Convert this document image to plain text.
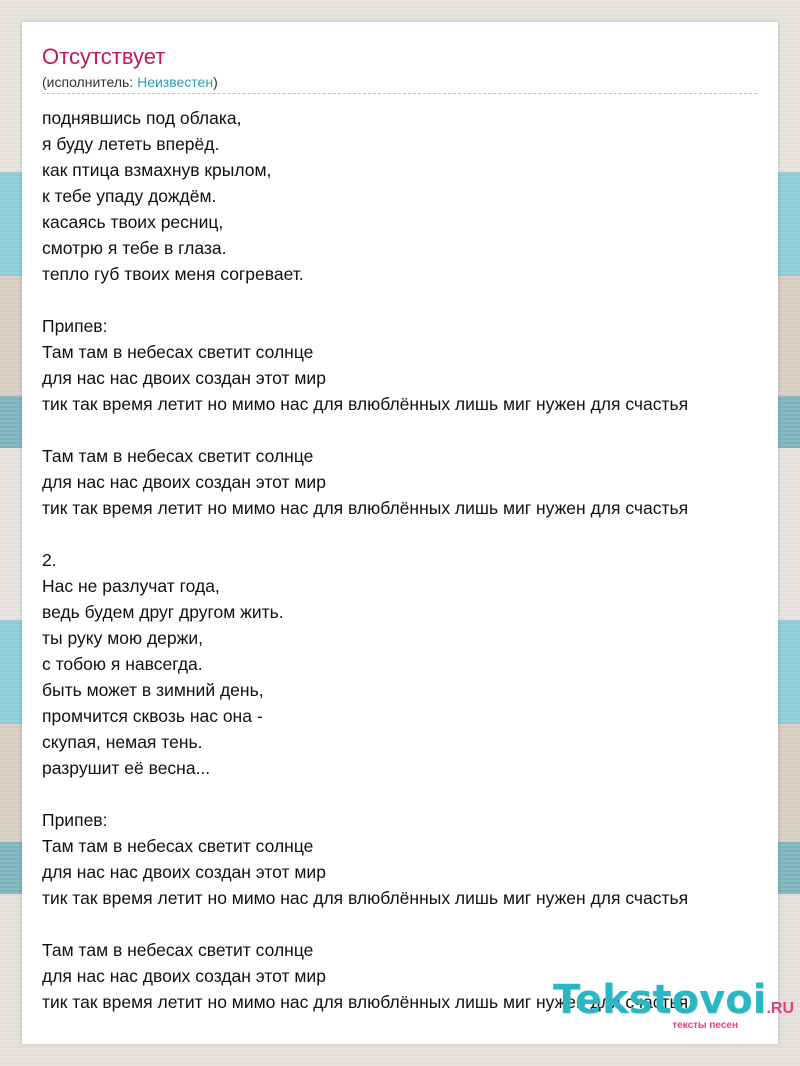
Отсутствует
(исполнитель: Неизвестен)
поднявшись под облака,
я буду лететь вперёд.
как птица взмахнув крылом,
к тебе упаду дождём.
касаясь твоих ресниц,
смотрю я тебе в глаза.
тепло губ твоих меня согревает.
Припев:
Там там в небесах светит солнце
для нас нас двоих создан этот мир
тик так время летит но мимо нас для влюблённых лишь миг нужен для счастья
Там там в небесах светит солнце
для нас нас двоих создан этот мир
тик так время летит но мимо нас для влюблённых лишь миг нужен для счастья
2.
Нас не разлучат года,
ведь будем друг другом жить.
ты руку мою держи,
с тобою я навсегда.
быть может в зимний день,
промчится сквозь нас она -
скупая, немая тень.
разрушит её весна...
Припев:
Там там в небесах светит солнце
для нас нас двоих создан этот мир
тик так время летит но мимо нас для влюблённых лишь миг нужен для счастья
Там там в небесах светит солнце
для нас нас двоих создан этот мир
тик так время летит но мимо нас для влюблённых лишь миг нужен для счастья
Tekstovoi.RU
тексты песен
